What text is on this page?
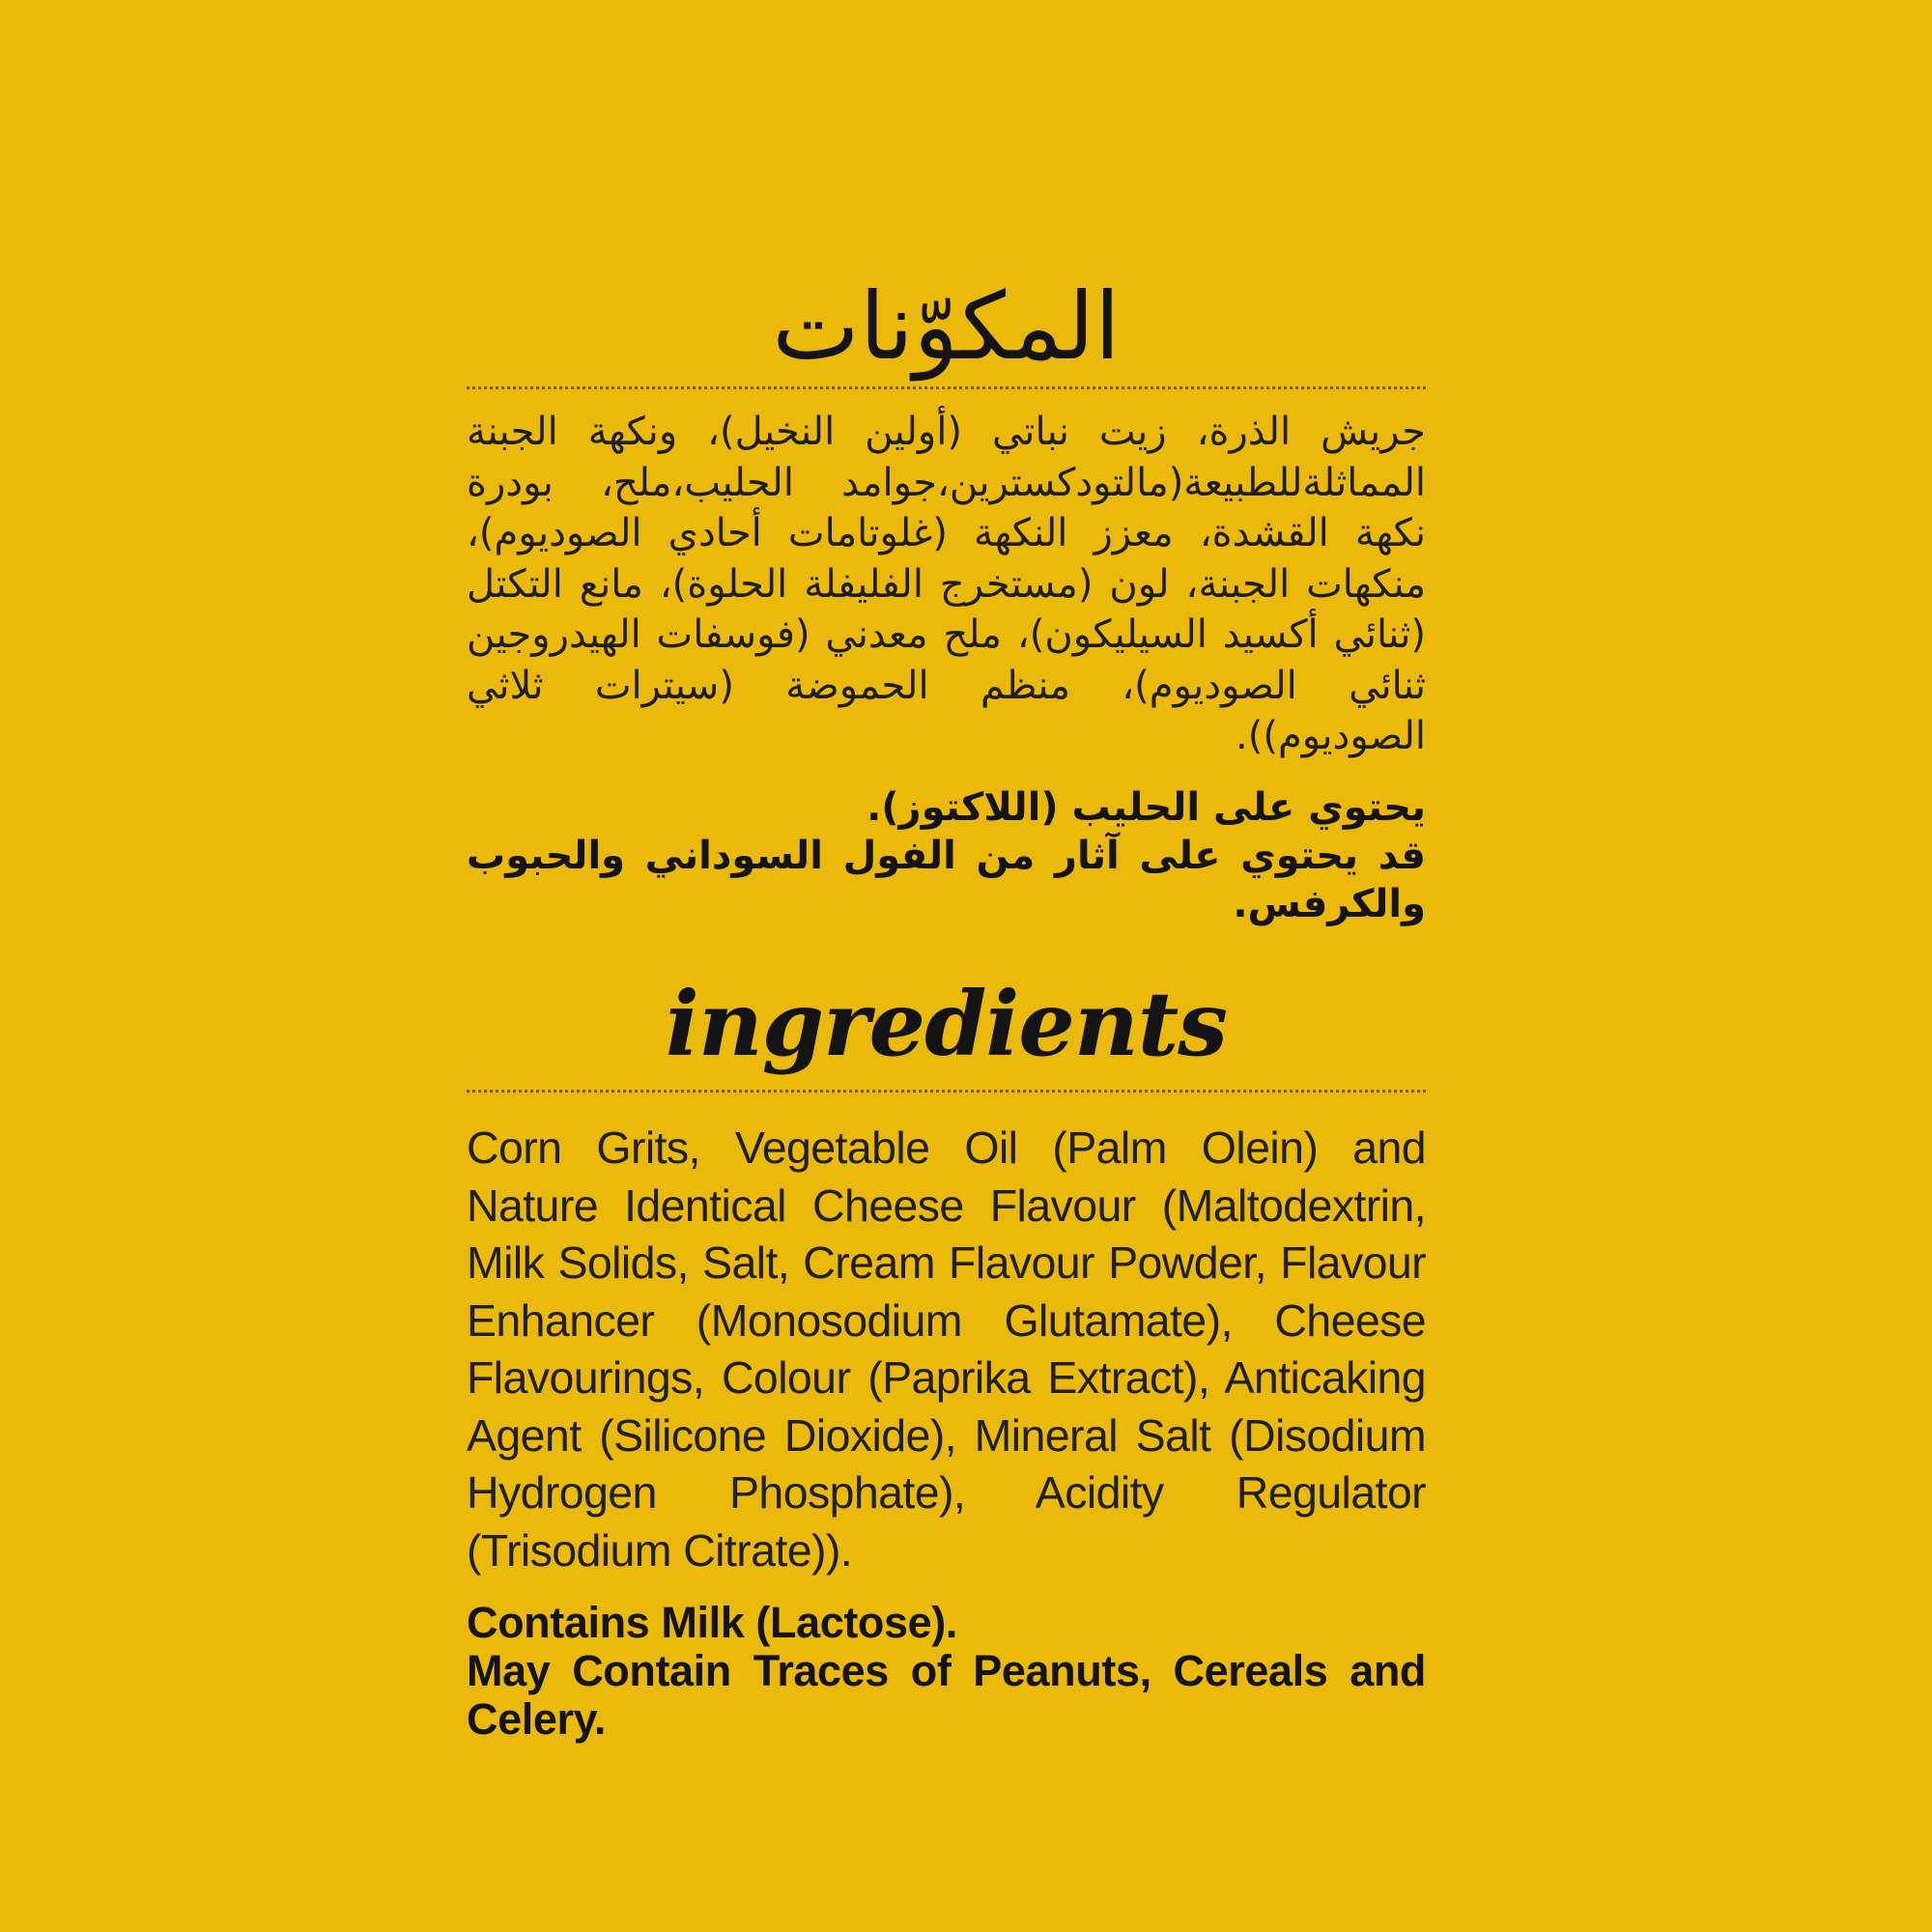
المكوّنات

جريش الذرة، زيت نباتي (أولين النخيل)، ونكهة الجبنة المماثلةللطبيعة(مالتودكسترين،جوامد الحليب،ملح، بودرة نكهة القشدة، معزز النكهة (غلوتامات أحادي الصوديوم)، منكهات الجبنة، لون (مستخرج الفليفلة الحلوة)، مانع التكتل (ثنائي أكسيد السيليكون)، ملح معدني (فوسفات الهيدروجين ثنائي الصوديوم)، منظم الحموضة (سيترات ثلاثي الصوديوم)).

يحتوي على الحليب (اللاكتوز).
قد يحتوي على آثار من الفول السوداني والحبوب والكرفس.

ingredients

Corn Grits, Vegetable Oil (Palm Olein) and Nature Identical Cheese Flavour (Maltodextrin, Milk Solids, Salt, Cream Flavour Powder, Flavour Enhancer (Monosodium Glutamate), Cheese Flavourings, Colour (Paprika Extract), Anticaking Agent (Silicone Dioxide), Mineral Salt (Disodium Hydrogen Phosphate), Acidity Regulator (Trisodium Citrate)).

Contains Milk (Lactose).
May Contain Traces of Peanuts, Cereals and Celery.
